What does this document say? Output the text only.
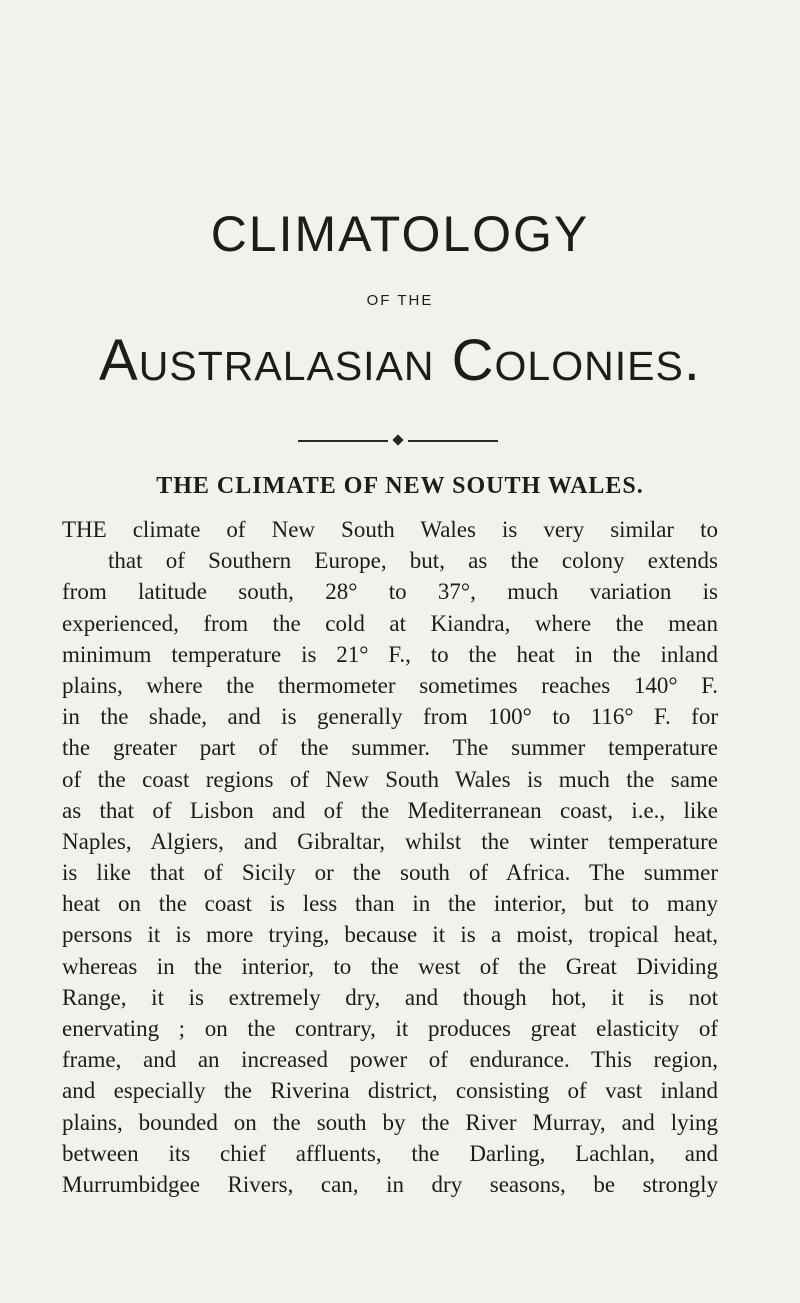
CLIMATOLOGY
OF THE
Australasian Colonies.
THE CLIMATE OF NEW SOUTH WALES.
THE climate of New South Wales is very similar to
that of Southern Europe, but, as the colony extends
from latitude south, 28° to 37°, much variation is
experienced, from the cold at Kiandra, where the mean
minimum temperature is 21° F., to the heat in the inland
plains, where the thermometer sometimes reaches 140° F.
in the shade, and is generally from 100° to 116° F. for
the greater part of the summer. The summer temperature
of the coast regions of New South Wales is much the same
as that of Lisbon and of the Mediterranean coast, i.e., like
Naples, Algiers, and Gibraltar, whilst the winter temperature
is like that of Sicily or the south of Africa. The summer
heat on the coast is less than in the interior, but to many
persons it is more trying, because it is a moist, tropical heat,
whereas in the interior, to the west of the Great Dividing
Range, it is extremely dry, and though hot, it is not
enervating ; on the contrary, it produces great elasticity of
frame, and an increased power of endurance. This region,
and especially the Riverina district, consisting of vast inland
plains, bounded on the south by the River Murray, and lying
between its chief affluents, the Darling, Lachlan, and
Murrumbidgee Rivers, can, in dry seasons, be strongly
